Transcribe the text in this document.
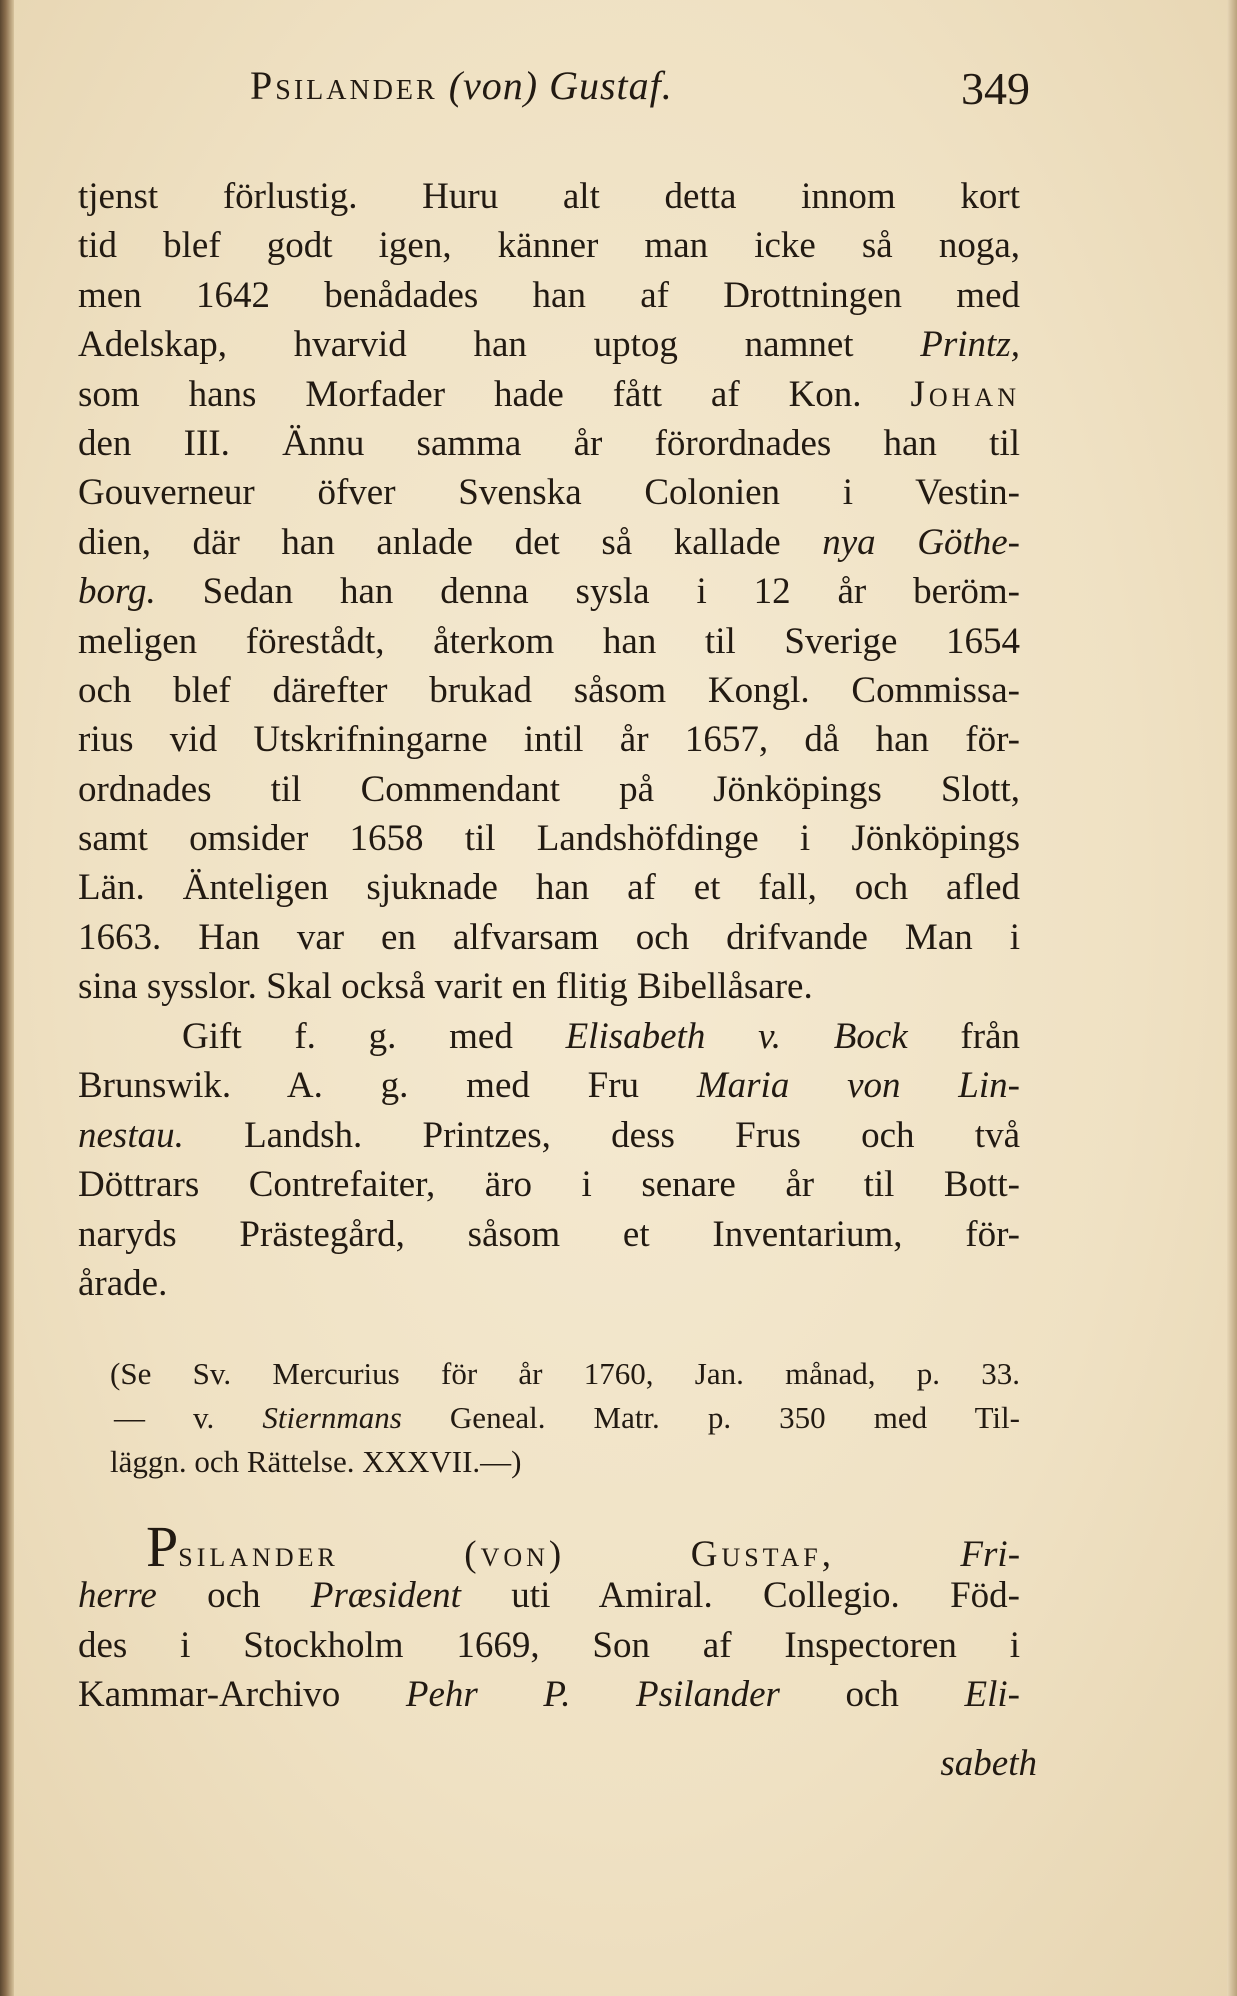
Psilander (von) Gustaf.	349
tjenst förlustig. Huru alt detta innom kort
tid blef godt igen, känner man icke så noga,
men 1642 benådades han af Drottningen med
Adelskap, hvarvid han uptog namnet Printz,
som hans Morfader hade fått af Kon. Johan
den III. Ännu samma år förordnades han til
Gouverneur öfver Svenska Colonien i Vestin-
dien, där han anlade det så kallade nya Göthe-
borg. Sedan han denna sysla i 12 år beröm-
meligen förestådt, återkom han til Sverige 1654
och blef därefter brukad såsom Kongl. Commissa-
rius vid Utskrifningarne intil år 1657, då han för-
ordnades til Commendant på Jönköpings Slott,
samt omsider 1658 til Landshöfdinge i Jönköpings
Län. Änteligen sjuknade han af et fall, och afled
1663. Han var en alfvarsam och drifvande Man i
sina sysslor. Skal också varit en flitig Bibellåsare.
Gift f. g. med Elisabeth v. Bock från
Brunswik. A. g. med Fru Maria von Lin-
nestau. Landsh. Printzes, dess Frus och två
Döttrars Contrefaiter, äro i senare år til Bott-
naryds Prästegård, såsom et Inventarium, för-
årade.
(Se Sv. Mercurius för år 1760, Jan. månad, p. 33.
— v. Stiernmans Geneal. Matr. p. 350 med Til-
läggn. och Rättelse. XXXVII.—)
Psilander	(von)	Gustaf,	Fri-
herre och Præsident uti Amiral. Collegio. Föd-
des i Stockholm 1669, Son af Inspectoren i
Kammar-Archivo Pehr P. Psilander och Eli-
sabeth
